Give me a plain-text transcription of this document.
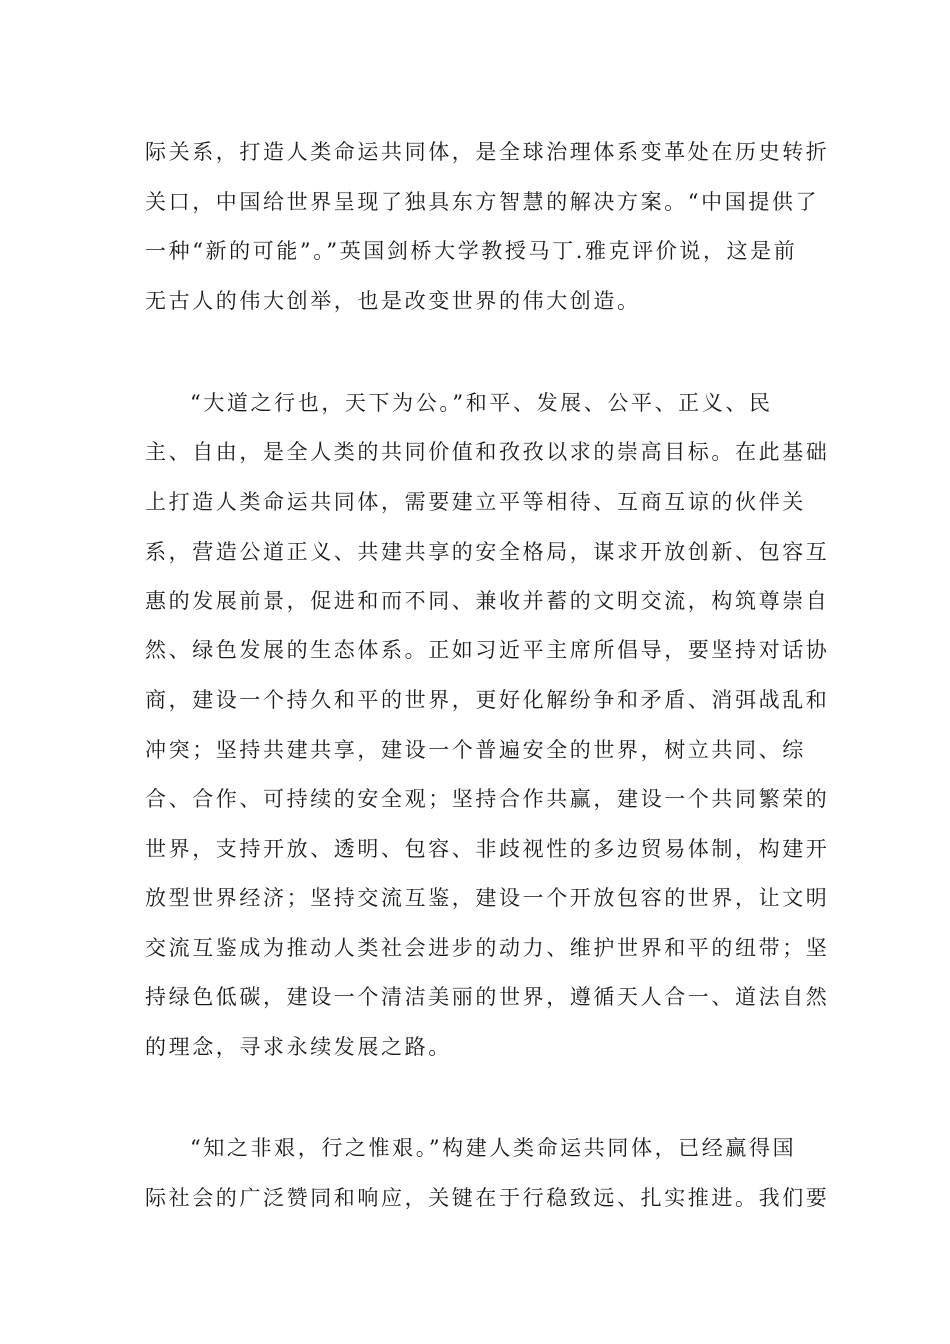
际关系，打造人类命运共同体，是全球治理体系变革处在历史转折
关口，中国给世界呈现了独具东方智慧的解决方案。“中国提供了
一种“新的可能”。”英国剑桥大学教授马丁.雅克评价说，这是前
无古人的伟大创举，也是改变世界的伟大创造。
“大道之行也，天下为公。”和平、发展、公平、正义、民
主、自由，是全人类的共同价值和孜孜以求的崇高目标。在此基础
上打造人类命运共同体，需要建立平等相待、互商互谅的伙伴关
系，营造公道正义、共建共享的安全格局，谋求开放创新、包容互
惠的发展前景，促进和而不同、兼收并蓄的文明交流，构筑尊崇自
然、绿色发展的生态体系。正如习近平主席所倡导，要坚持对话协
商，建设一个持久和平的世界，更好化解纷争和矛盾、消弭战乱和
冲突；坚持共建共享，建设一个普遍安全的世界，树立共同、综
合、合作、可持续的安全观；坚持合作共赢，建设一个共同繁荣的
世界，支持开放、透明、包容、非歧视性的多边贸易体制，构建开
放型世界经济；坚持交流互鉴，建设一个开放包容的世界，让文明
交流互鉴成为推动人类社会进步的动力、维护世界和平的纽带；坚
持绿色低碳，建设一个清洁美丽的世界，遵循天人合一、道法自然
的理念，寻求永续发展之路。
“知之非艰，行之惟艰。”构建人类命运共同体，已经赢得国
际社会的广泛赞同和响应，关键在于行稳致远、扎实推进。我们要
